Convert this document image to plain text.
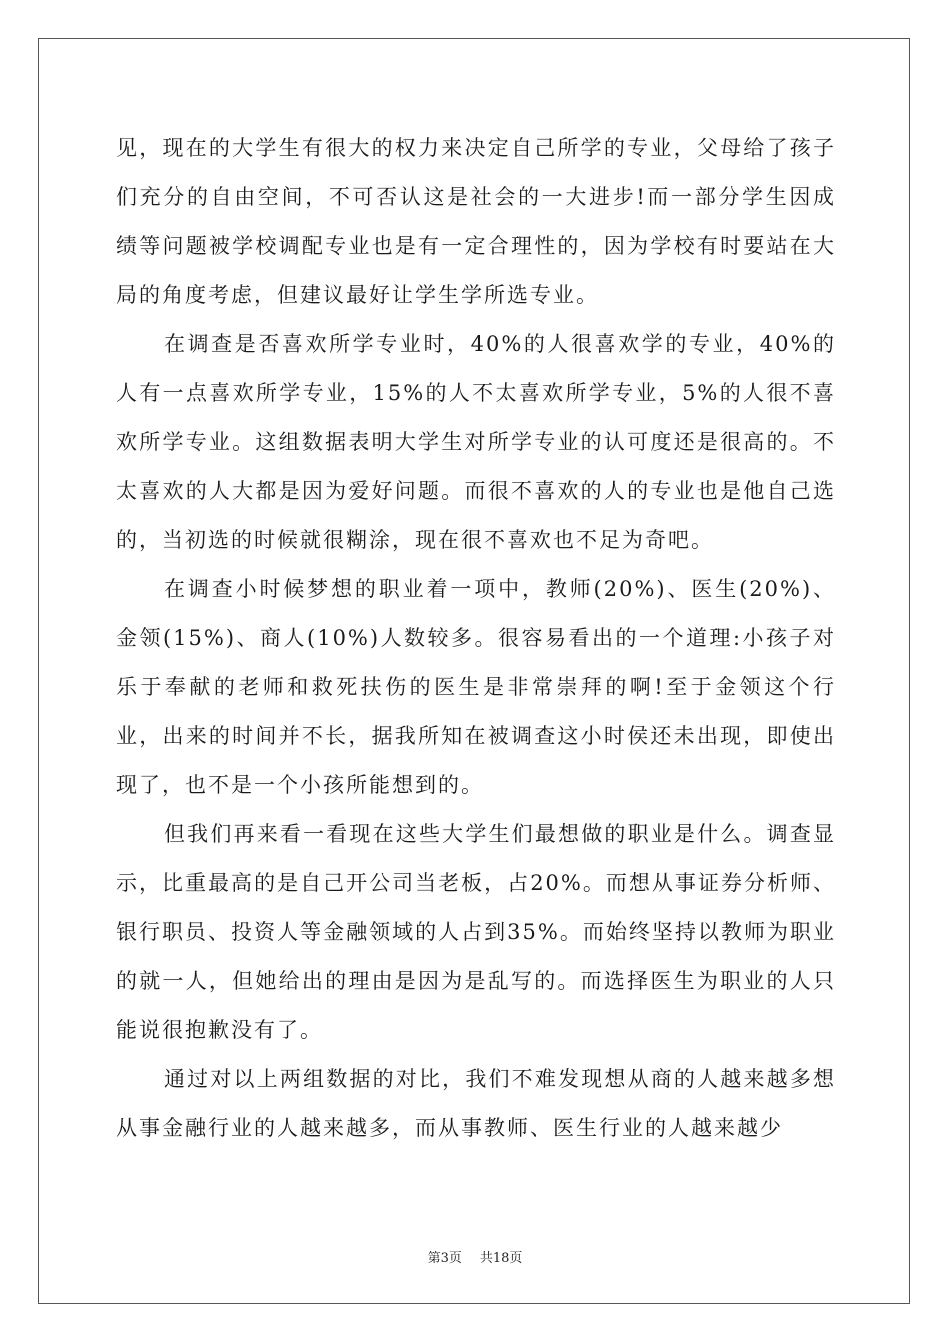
见，现在的大学生有很大的权力来决定自己所学的专业，父母给了孩子们充分的自由空间，不可否认这是社会的一大进步!而一部分学生因成绩等问题被学校调配专业也是有一定合理性的，因为学校有时要站在大局的角度考虑，但建议最好让学生学所选专业。

在调查是否喜欢所学专业时，40%的人很喜欢学的专业，40%的人有一点喜欢所学专业，15%的人不太喜欢所学专业，5%的人很不喜欢所学专业。这组数据表明大学生对所学专业的认可度还是很高的。不太喜欢的人大都是因为爱好问题。而很不喜欢的人的专业也是他自己选的，当初选的时候就很糊涂，现在很不喜欢也不足为奇吧。

在调查小时候梦想的职业着一项中，教师(20%)、医生(20%)、金领(15%)、商人(10%)人数较多。很容易看出的一个道理:小孩子对乐于奉献的老师和救死扶伤的医生是非常崇拜的啊!至于金领这个行业，出来的时间并不长，据我所知在被调查这小时侯还未出现，即使出现了，也不是一个小孩所能想到的。

但我们再来看一看现在这些大学生们最想做的职业是什么。调查显示，比重最高的是自己开公司当老板，占20%。而想从事证券分析师、银行职员、投资人等金融领域的人占到35%。而始终坚持以教师为职业的就一人，但她给出的理由是因为是乱写的。而选择医生为职业的人只能说很抱歉没有了。

通过对以上两组数据的对比，我们不难发现想从商的人越来越多想从事金融行业的人越来越多，而从事教师、医生行业的人越来越少

第3页 共18页
